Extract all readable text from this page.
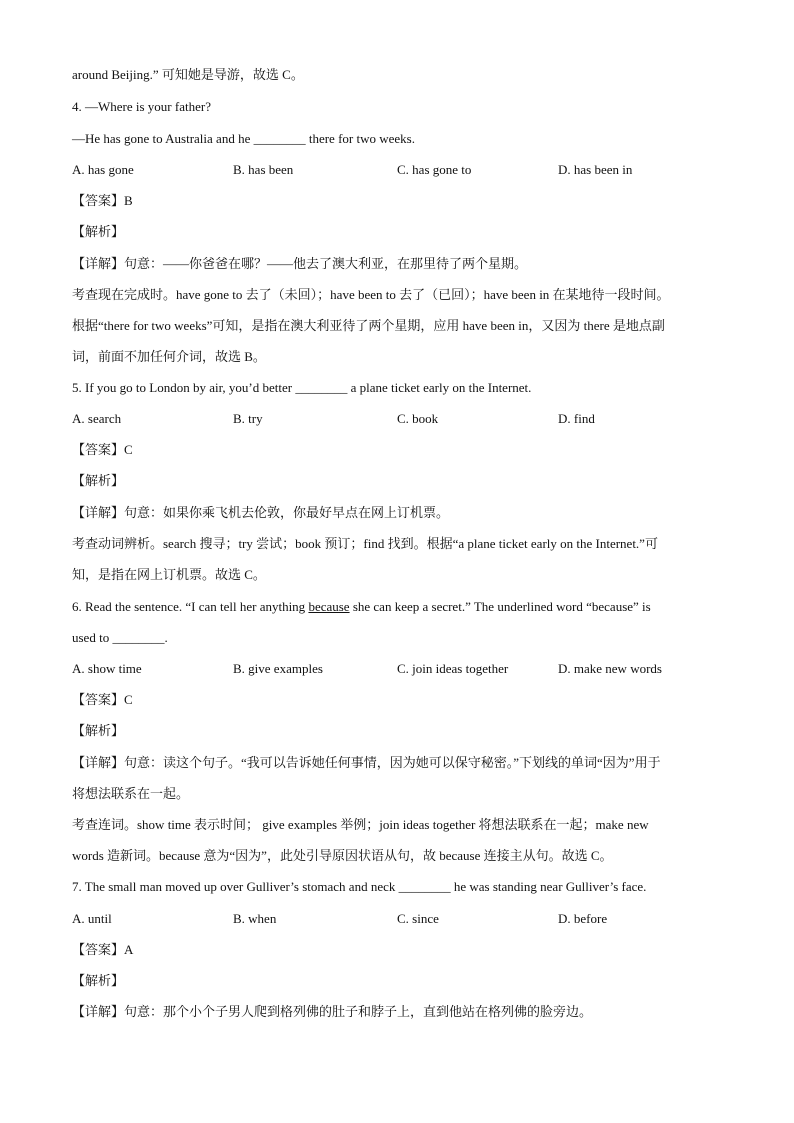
around Beijing.” 可知她是导游，故选 C。
4. —Where is your father?
—He has gone to Australia and he ________ there for two weeks.
【答案】B
【解析】
【详解】句意：——你爸爸在哪？——他去了澳大利亚，在那里待了两个星期。
考查现在完成时。have gone to 去了（未回）；have been to 去了（已回）；have been in 在某地待一段时间。
根据“there for two weeks”可知，是指在澳大利亚待了两个星期，应用 have been in，又因为 there 是地点副
词，前面不加任何介词，故选 B。
5. If you go to London by air, you’d better ________ a plane ticket early on the Internet.
【答案】C
【解析】
【详解】句意：如果你乘飞机去伦敦，你最好早点在网上订机票。
考查动词辨析。search 搜寻；try 尝试；book 预订；find 找到。根据“a plane ticket early on the Internet.”可
知，是指在网上订机票。故选 C。
used to ________.
【答案】C
【解析】
【详解】句意：读这个句子。“我可以告诉她任何事情，因为她可以保守秘密。”下划线的单词“因为”用于
将想法联系在一起。
考查连词。show time 表示时间； give examples 举例；join ideas together 将想法联系在一起；make new
words 造新词。because 意为“因为”，此处引导原因状语从句，故 because 连接主从句。故选 C。
7. The small man moved up over Gulliver’s stomach and neck ________ he was standing near Gulliver’s face.
【答案】A
【解析】
【详解】句意：那个小个子男人爬到格列佛的肚子和脖子上，直到他站在格列佛的脸旁边。
6. Read the sentence. “I can tell her anything because she can keep a secret.” The underlined word “because” is
A. has gone	B. has been	C. has gone to	D. has been in
A. search	B. try	C. book	D. find
A. show time	B. give examples	C. join ideas together	D. make new words
A. until	B. when	C. since	D. before
